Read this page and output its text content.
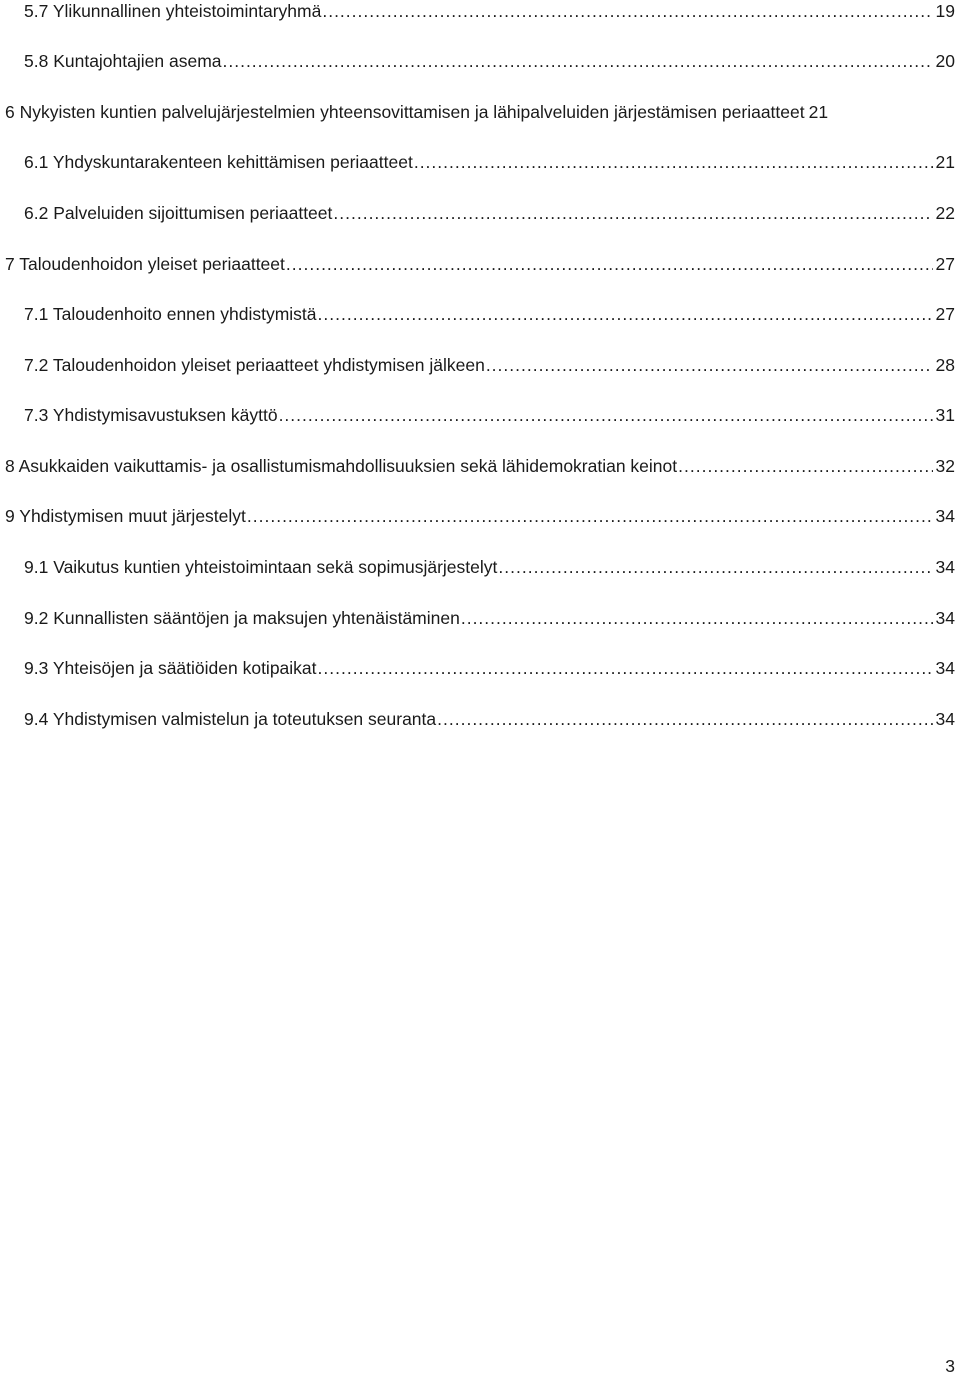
5.7 Ylikunnallinen yhteistoimintaryhmä .....	19
5.8 Kuntajohtajien asema .....	20
6 Nykyisten kuntien palvelujärjestelmien yhteensovittamisen ja lähipalveluiden järjestämisen periaatteet 21
6.1 Yhdyskuntarakenteen kehittämisen periaatteet .....	21
6.2 Palveluiden sijoittumisen periaatteet .....	22
7 Taloudenhoidon yleiset periaatteet .....	27
7.1 Taloudenhoito ennen yhdistymistä .....	27
7.2 Taloudenhoidon yleiset periaatteet yhdistymisen jälkeen .....	28
7.3 Yhdistymisavustuksen käyttö .....	31
8 Asukkaiden vaikuttamis- ja osallistumismahdollisuuksien sekä lähidemokratian keinot .....	32
9 Yhdistymisen muut järjestelyt .....	34
9.1 Vaikutus kuntien yhteistoimintaan sekä sopimusjärjestelyt .....	34
9.2 Kunnallisten sääntöjen ja maksujen yhtenäistäminen .....	34
9.3 Yhteisöjen ja säätiöiden kotipaikat .....	34
9.4 Yhdistymisen valmistelun ja toteutuksen seuranta .....	34
3
